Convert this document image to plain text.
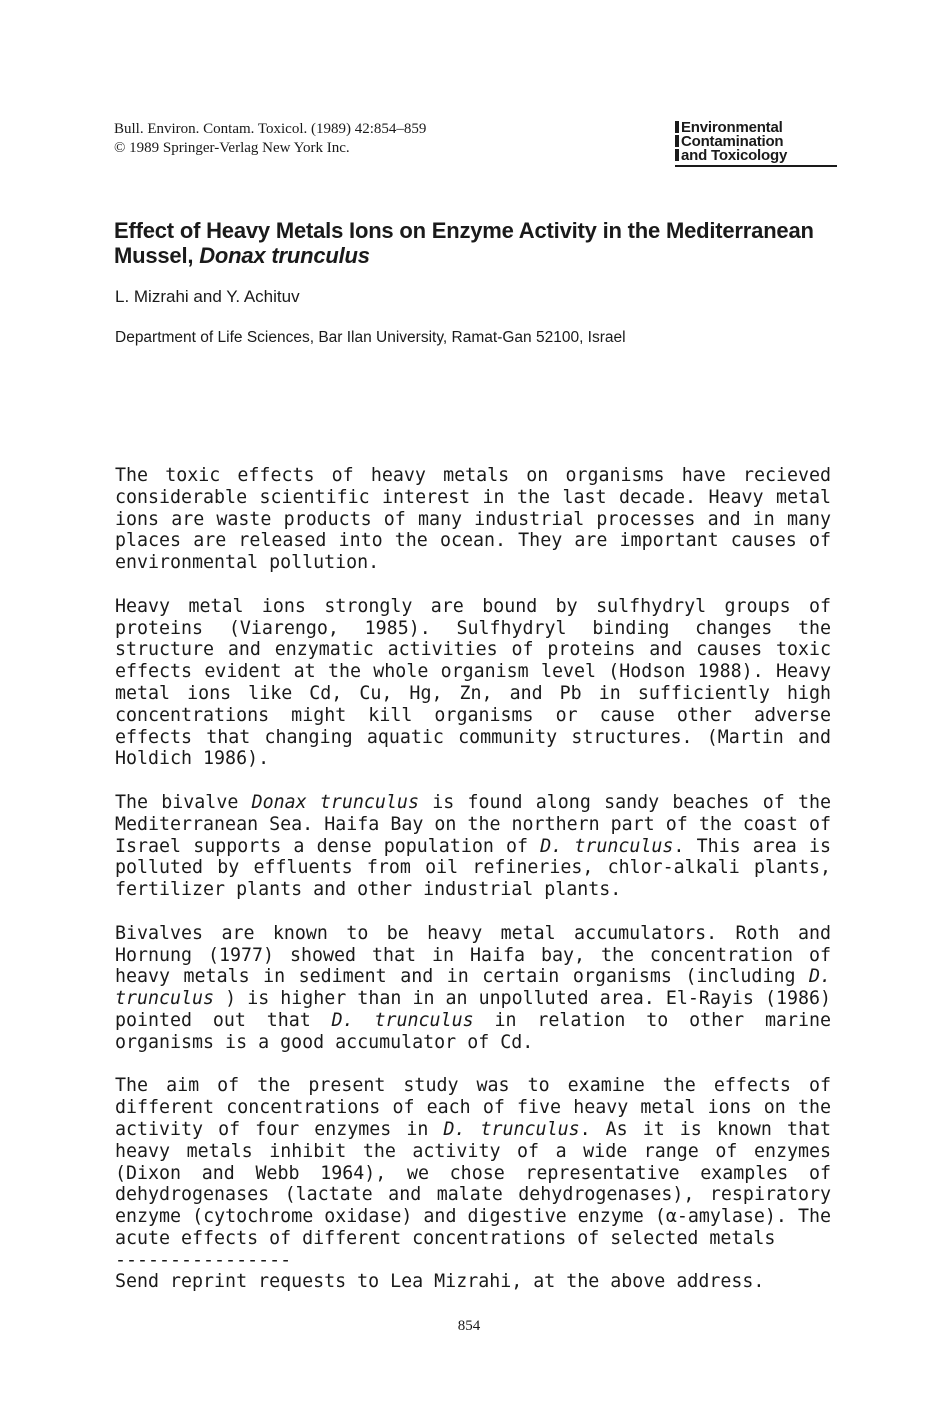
Bull. Environ. Contam. Toxicol. (1989) 42:854–859
© 1989 Springer-Verlag New York Inc.
Environmental
Contamination
and Toxicology
Effect of Heavy Metals Ions on Enzyme Activity in the Mediterranean Mussel, Donax trunculus
L. Mizrahi and Y. Achituv
Department of Life Sciences, Bar Ilan University, Ramat-Gan 52100, Israel

The toxic effects of heavy metals on organisms have recieved considerable scientific interest in the last decade. Heavy metal ions are waste products of many industrial processes and in many places are released into the ocean. They are important causes of environmental pollution.

Heavy metal ions strongly are bound by sulfhydryl groups of proteins (Viarengo, 1985). Sulfhydryl binding changes the structure and enzymatic activities of proteins and causes toxic effects evident at the whole organism level (Hodson 1988). Heavy metal ions like Cd, Cu, Hg, Zn, and Pb in sufficiently high concentrations might kill organisms or cause other adverse effects that changing aquatic community structures. (Martin and Holdich 1986).

The bivalve Donax trunculus is found along sandy beaches of the Mediterranean Sea. Haifa Bay on the northern part of the coast of Israel supports a dense population of D. trunculus. This area is polluted by effluents from oil refineries, chlor-alkali plants, fertilizer plants and other industrial plants.

Bivalves are known to be heavy metal accumulators. Roth and Hornung (1977) showed that in Haifa bay, the concentration of heavy metals in sediment and in certain organisms (including D. trunculus ) is higher than in an unpolluted area. El-Rayis (1986) pointed out that D. trunculus in relation to other marine organisms is a good accumulator of Cd.

The aim of the present study was to examine the effects of different concentrations of each of five heavy metal ions on the activity of four enzymes in D. trunculus. As it is known that heavy metals inhibit the activity of a wide range of enzymes (Dixon and Webb 1964), we chose representative examples of dehydrogenases (lactate and malate dehydrogenases), respiratory enzyme (cytochrome oxidase) and digestive enzyme (α-amylase). The acute effects of different concentrations of selected metals

----------------
Send reprint requests to Lea Mizrahi, at the above address.
854
